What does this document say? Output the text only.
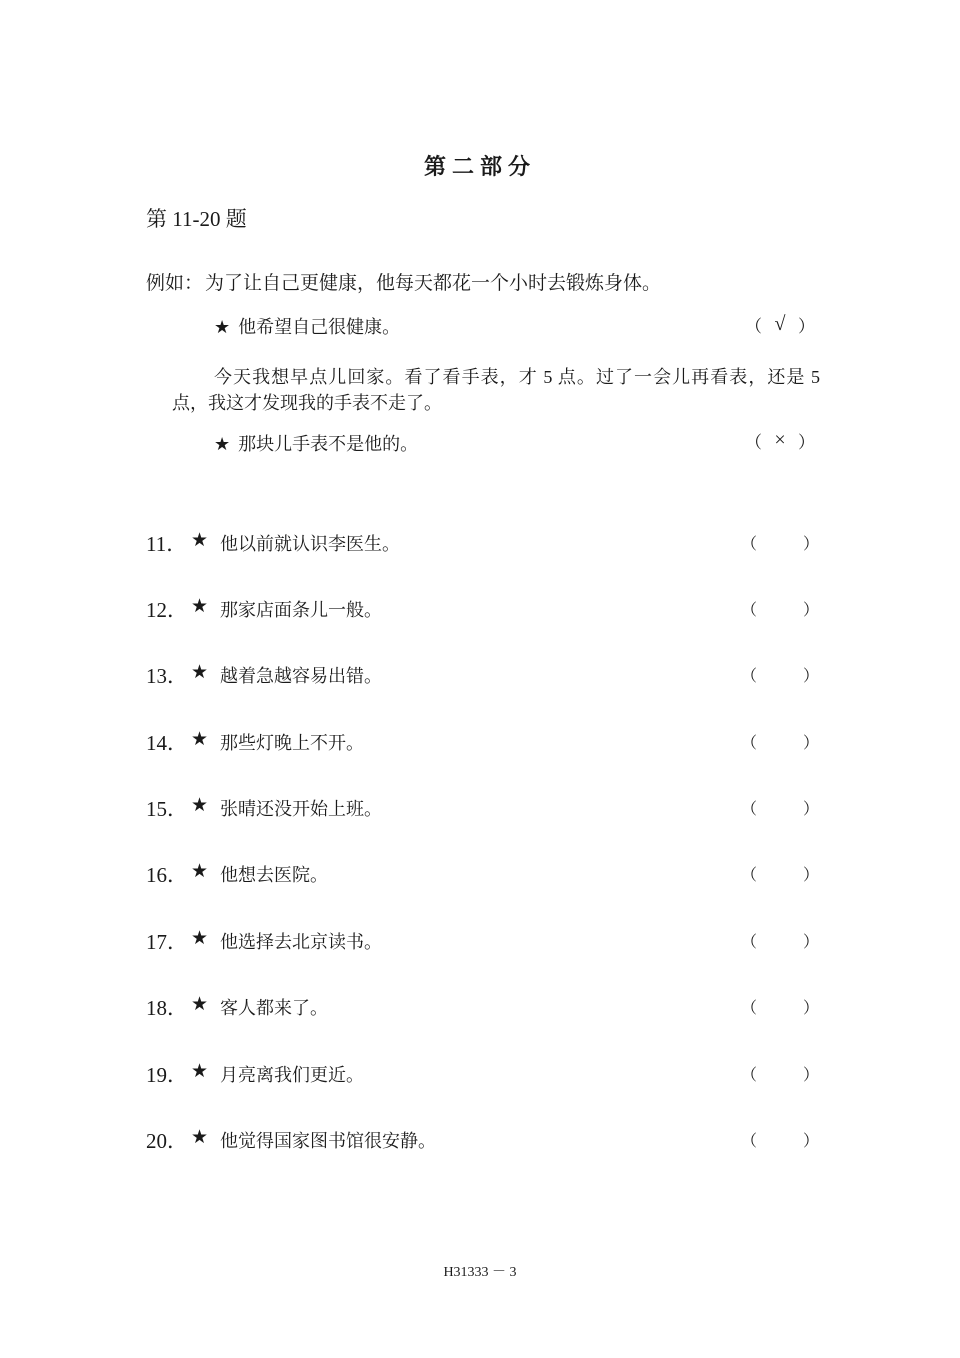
第二部分
第 11-20 题
例如： 为了让自己更健康，他每天都花一个小时去锻炼身体。
★ 他希望自己很健康。	（ √ ）
今天我想早点儿回家。看了看手表，才 5 点。过了一会儿再看表，还是 5 点，我这才发现我的手表不走了。
★ 那块儿手表不是他的。	（ × ）
11． ★ 他以前就认识李医生。	（	）
12． ★ 那家店面条儿一般。	（	）
13． ★ 越着急越容易出错。	（	）
14． ★ 那些灯晚上不开。	（	）
15． ★ 张晴还没开始上班。	（	）
16． ★ 他想去医院。	（	）
17． ★ 他选择去北京读书。	（	）
18． ★ 客人都来了。	（	）
19． ★ 月亮离我们更近。	（	）
20． ★ 他觉得国家图书馆很安静。	（	）
H31333 － 3
